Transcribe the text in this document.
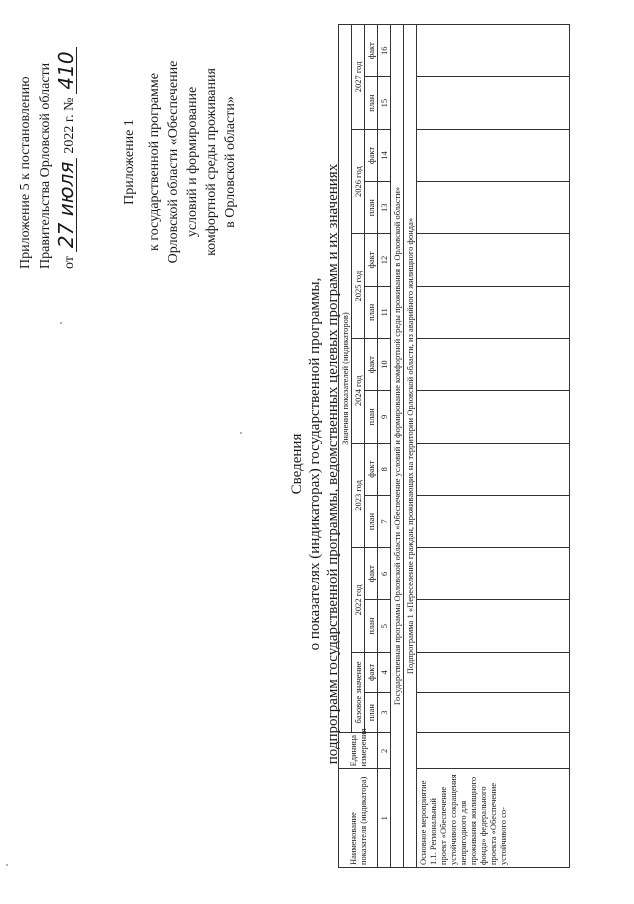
Приложение 5 к постановлению Правительства Орловской области от
27 июля
2022 г. №
410
Приложение 1 к государственной программе Орловской области «Обеспечение условий и формирование комфортной среды проживания в Орловской области»
Сведения о показателях (индикаторах) государственной программы, подпрограмм государственной программы, ведомственных целевых программ и их значениях
Наименование показателя (индикатора)	Единица измерения	Значения показателей (индикаторов)													
		базовое значение		2022 год		2023 год		2024 год		2025 год		2026 год		2027 год	
		план	факт	план	факт	план	факт	план	факт	план	факт	план	факт	план	факт
1	2	3	4	5	6	7	8	9	10	11	12	13	14	15	16
Государственная программа Орловской области «Обеспечение условий и формирование комфортной среды проживания в Орловской области»															
Подпрограмма 1 «Переселение граждан, проживающих на территории Орловской области, из аварийного жилищного фонда»															
Основное мероприятие 1.1. Региональный проект «Обеспечение устойчивого сокращения непригодного для проживания жилищного фонда» федерального проекта «Обеспечение устойчивого со-															
